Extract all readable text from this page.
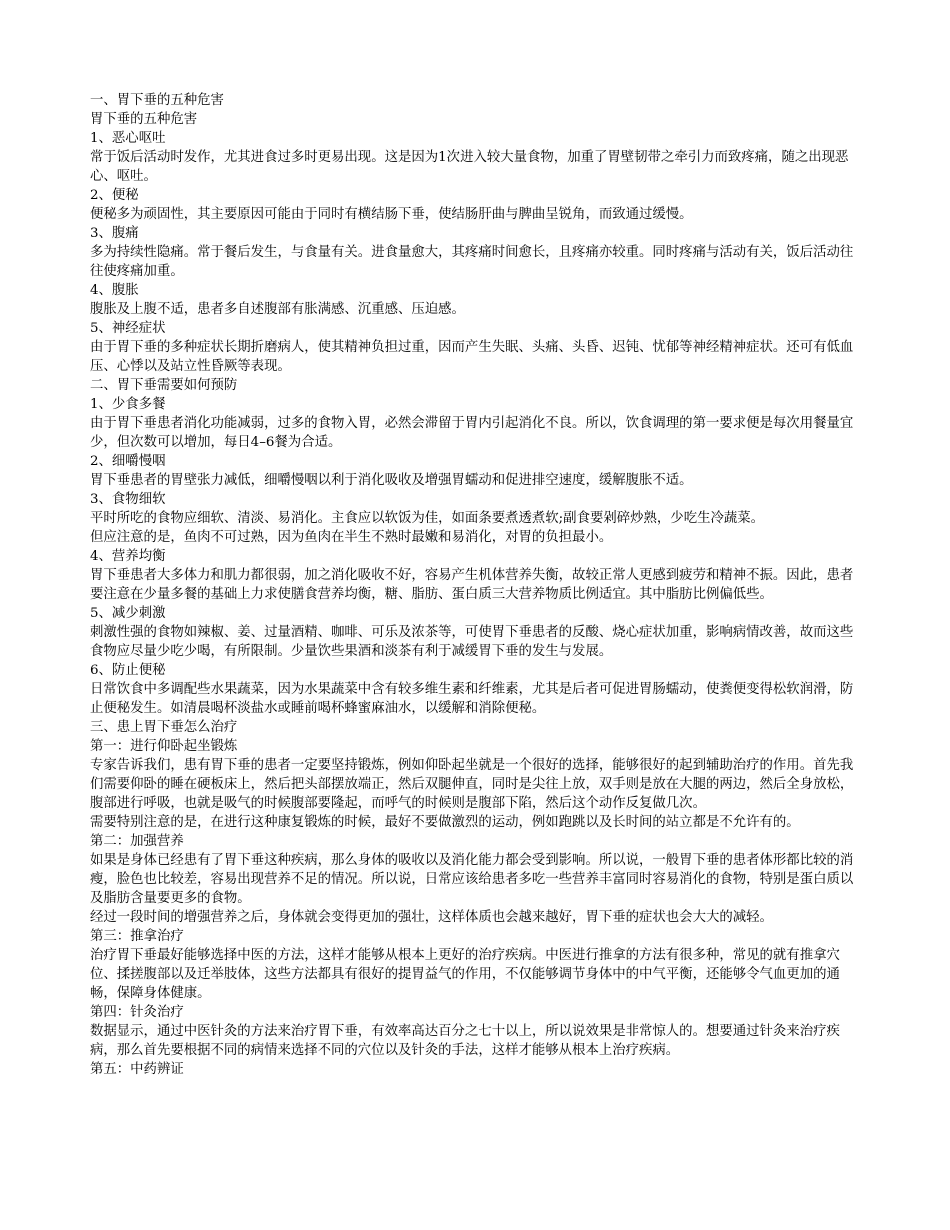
一、胃下垂的五种危害

胃下垂的五种危害

1、恶心呕吐

常于饭后活动时发作，尤其进食过多时更易出现。这是因为1次进入较大量食物，加重了胃壁韧带之牵引力而致疼痛，随之出现恶心、呕吐。

2、便秘

便秘多为顽固性，其主要原因可能由于同时有横结肠下垂，使结肠肝曲与脾曲呈锐角，而致通过缓慢。

3、腹痛

多为持续性隐痛。常于餐后发生，与食量有关。进食量愈大，其疼痛时间愈长，且疼痛亦较重。同时疼痛与活动有关，饭后活动往往使疼痛加重。

4、腹胀

腹胀及上腹不适，患者多自述腹部有胀满感、沉重感、压迫感。

5、神经症状

由于胃下垂的多种症状长期折磨病人，使其精神负担过重，因而产生失眠、头痛、头昏、迟钝、忧郁等神经精神症状。还可有低血压、心悸以及站立性昏厥等表现。

二、胃下垂需要如何预防

1、少食多餐

由于胃下垂患者消化功能减弱，过多的食物入胃，必然会滞留于胃内引起消化不良。所以，饮食调理的第一要求便是每次用餐量宜少，但次数可以增加，每日4–6餐为合适。

2、细嚼慢咽

胃下垂患者的胃壁张力减低，细嚼慢咽以利于消化吸收及增强胃蠕动和促进排空速度，缓解腹胀不适。

3、食物细软

平时所吃的食物应细软、清淡、易消化。主食应以软饭为佳，如面条要煮透煮软;副食要剁碎炒熟，少吃生冷蔬菜。

但应注意的是，鱼肉不可过熟，因为鱼肉在半生不熟时最嫩和易消化，对胃的负担最小。

4、营养均衡

胃下垂患者大多体力和肌力都很弱，加之消化吸收不好，容易产生机体营养失衡，故较正常人更感到疲劳和精神不振。因此，患者要注意在少量多餐的基础上力求使膳食营养均衡，糖、脂肪、蛋白质三大营养物质比例适宜。其中脂肪比例偏低些。

5、减少刺激

刺激性强的食物如辣椒、姜、过量酒精、咖啡、可乐及浓茶等，可使胃下垂患者的反酸、烧心症状加重，影响病情改善，故而这些食物应尽量少吃少喝，有所限制。少量饮些果酒和淡茶有利于减缓胃下垂的发生与发展。

6、防止便秘

日常饮食中多调配些水果蔬菜，因为水果蔬菜中含有较多维生素和纤维素，尤其是后者可促进胃肠蠕动，使粪便变得松软润滑，防止便秘发生。如清晨喝杯淡盐水或睡前喝杯蜂蜜麻油水，以缓解和消除便秘。

三、患上胃下垂怎么治疗

第一：进行仰卧起坐锻炼

专家告诉我们，患有胃下垂的患者一定要坚持锻炼，例如仰卧起坐就是一个很好的选择，能够很好的起到辅助治疗的作用。首先我们需要仰卧的睡在硬板床上，然后把头部摆放端正，然后双腿伸直，同时是尖往上放，双手则是放在大腿的两边，然后全身放松，腹部进行呼吸，也就是吸气的时候腹部要隆起，而呼气的时候则是腹部下陷，然后这个动作反复做几次。

需要特别注意的是，在进行这种康复锻炼的时候，最好不要做激烈的运动，例如跑跳以及长时间的站立都是不允许有的。

第二：加强营养

如果是身体已经患有了胃下垂这种疾病，那么身体的吸收以及消化能力都会受到影响。所以说，一般胃下垂的患者体形都比较的消瘦，脸色也比较差，容易出现营养不足的情况。所以说，日常应该给患者多吃一些营养丰富同时容易消化的食物，特别是蛋白质以及脂肪含量要更多的食物。

经过一段时间的增强营养之后，身体就会变得更加的强壮，这样体质也会越来越好，胃下垂的症状也会大大的减轻。

第三：推拿治疗

治疗胃下垂最好能够选择中医的方法，这样才能够从根本上更好的治疗疾病。中医进行推拿的方法有很多种，常见的就有推拿穴位、揉搓腹部以及迁举肢体，这些方法都具有很好的提胃益气的作用，不仅能够调节身体中的中气平衡，还能够令气血更加的通畅，保障身体健康。

第四：针灸治疗

数据显示，通过中医针灸的方法来治疗胃下垂，有效率高达百分之七十以上，所以说效果是非常惊人的。想要通过针灸来治疗疾病，那么首先要根据不同的病情来选择不同的穴位以及针灸的手法，这样才能够从根本上治疗疾病。

第五：中药辨证
